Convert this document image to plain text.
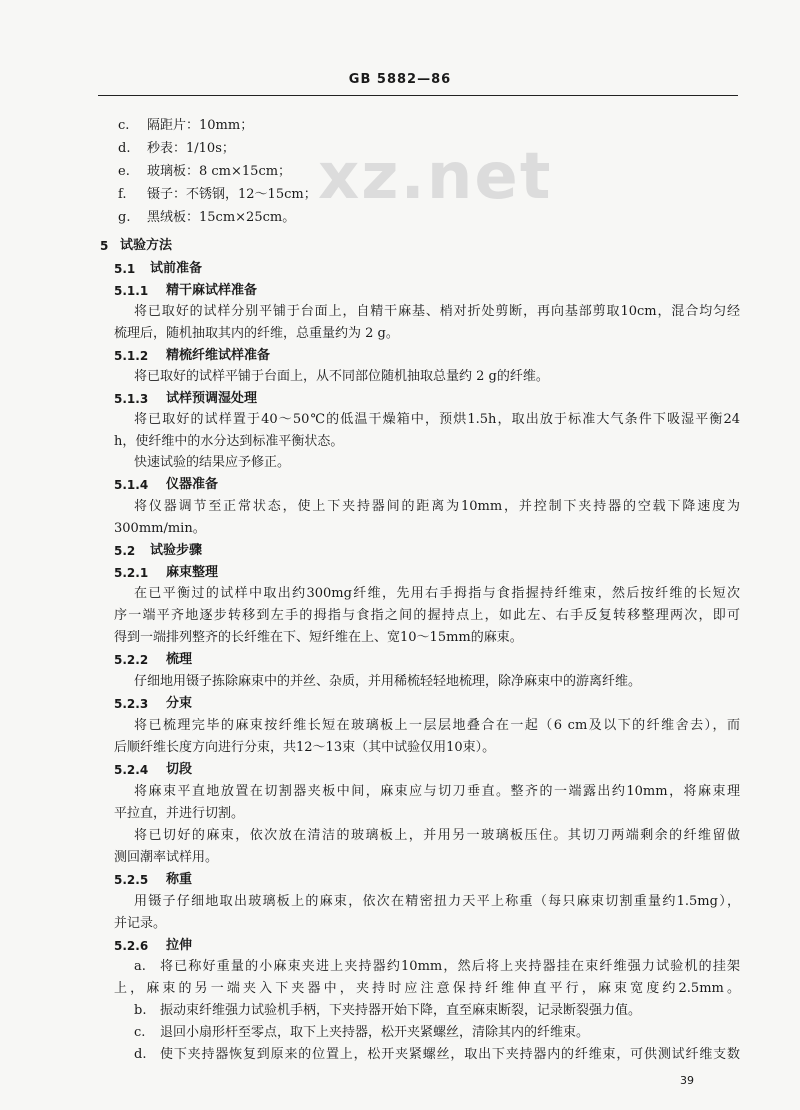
GB 5882—86
xz.net
c.	隔距片：10mm；
d.	秒表：1/10s；
e.	玻璃板：8 cm×15cm；
f.	镊子：不锈钢，12～15cm；
g.	黑绒板：15cm×25cm。
5 试验方法
5.1 试前准备
5.1.1 精干麻试样准备
将已取好的试样分别平铺于台面上，自精干麻基、梢对折处剪断，再向基部剪取10cm，混合均匀经
梳理后，随机抽取其内的纤维，总重量约为 2 g。
5.1.2 精梳纤维试样准备
将已取好的试样平铺于台面上，从不同部位随机抽取总量约 2 g的纤维。
5.1.3 试样预调湿处理
将已取好的试样置于40～50℃的低温干燥箱中，预烘1.5h，取出放于标准大气条件下吸湿平衡24
h，使纤维中的水分达到标准平衡状态。
快速试验的结果应予修正。
5.1.4 仪器准备
将仪器调节至正常状态，使上下夹持器间的距离为10mm，并控制下夹持器的空载下降速度为
300mm/min。
5.2 试验步骤
5.2.1 麻束整理
在已平衡过的试样中取出约300mg纤维，先用右手拇指与食指握持纤维束，然后按纤维的长短次
序一端平齐地逐步转移到左手的拇指与食指之间的握持点上，如此左、右手反复转移整理两次，即可
得到一端排列整齐的长纤维在下、短纤维在上、宽10～15mm的麻束。
5.2.2 梳理
仔细地用镊子拣除麻束中的并丝、杂质，并用稀梳轻轻地梳理，除净麻束中的游离纤维。
5.2.3 分束
将已梳理完毕的麻束按纤维长短在玻璃板上一层层地叠合在一起（6 cm及以下的纤维舍去），而
后顺纤维长度方向进行分束，共12～13束（其中试验仅用10束）。
5.2.4 切段
将麻束平直地放置在切割器夹板中间，麻束应与切刀垂直。整齐的一端露出约10mm，将麻束理
平拉直，并进行切割。
将已切好的麻束，依次放在清洁的玻璃板上，并用另一玻璃板压住。其切刀两端剩余的纤维留做
测回潮率试样用。
5.2.5 称重
用镊子仔细地取出玻璃板上的麻束，依次在精密扭力天平上称重（每只麻束切割重量约1.5mg），
并记录。
5.2.6 拉伸
a. 将已称好重量的小麻束夹进上夹持器约10mm，然后将上夹持器挂在束纤维强力试验机的挂架
上，麻束的另一端夹入下夹器中，夹持时应注意保持纤维伸直平行，麻束宽度约2.5mm。
b. 振动束纤维强力试验机手柄，下夹持器开始下降，直至麻束断裂，记录断裂强力值。
c. 退回小扇形杆至零点，取下上夹持器，松开夹紧螺丝，清除其内的纤维束。
d. 使下夹持器恢复到原来的位置上，松开夹紧螺丝，取出下夹持器内的纤维束，可供测试纤维支数
39
